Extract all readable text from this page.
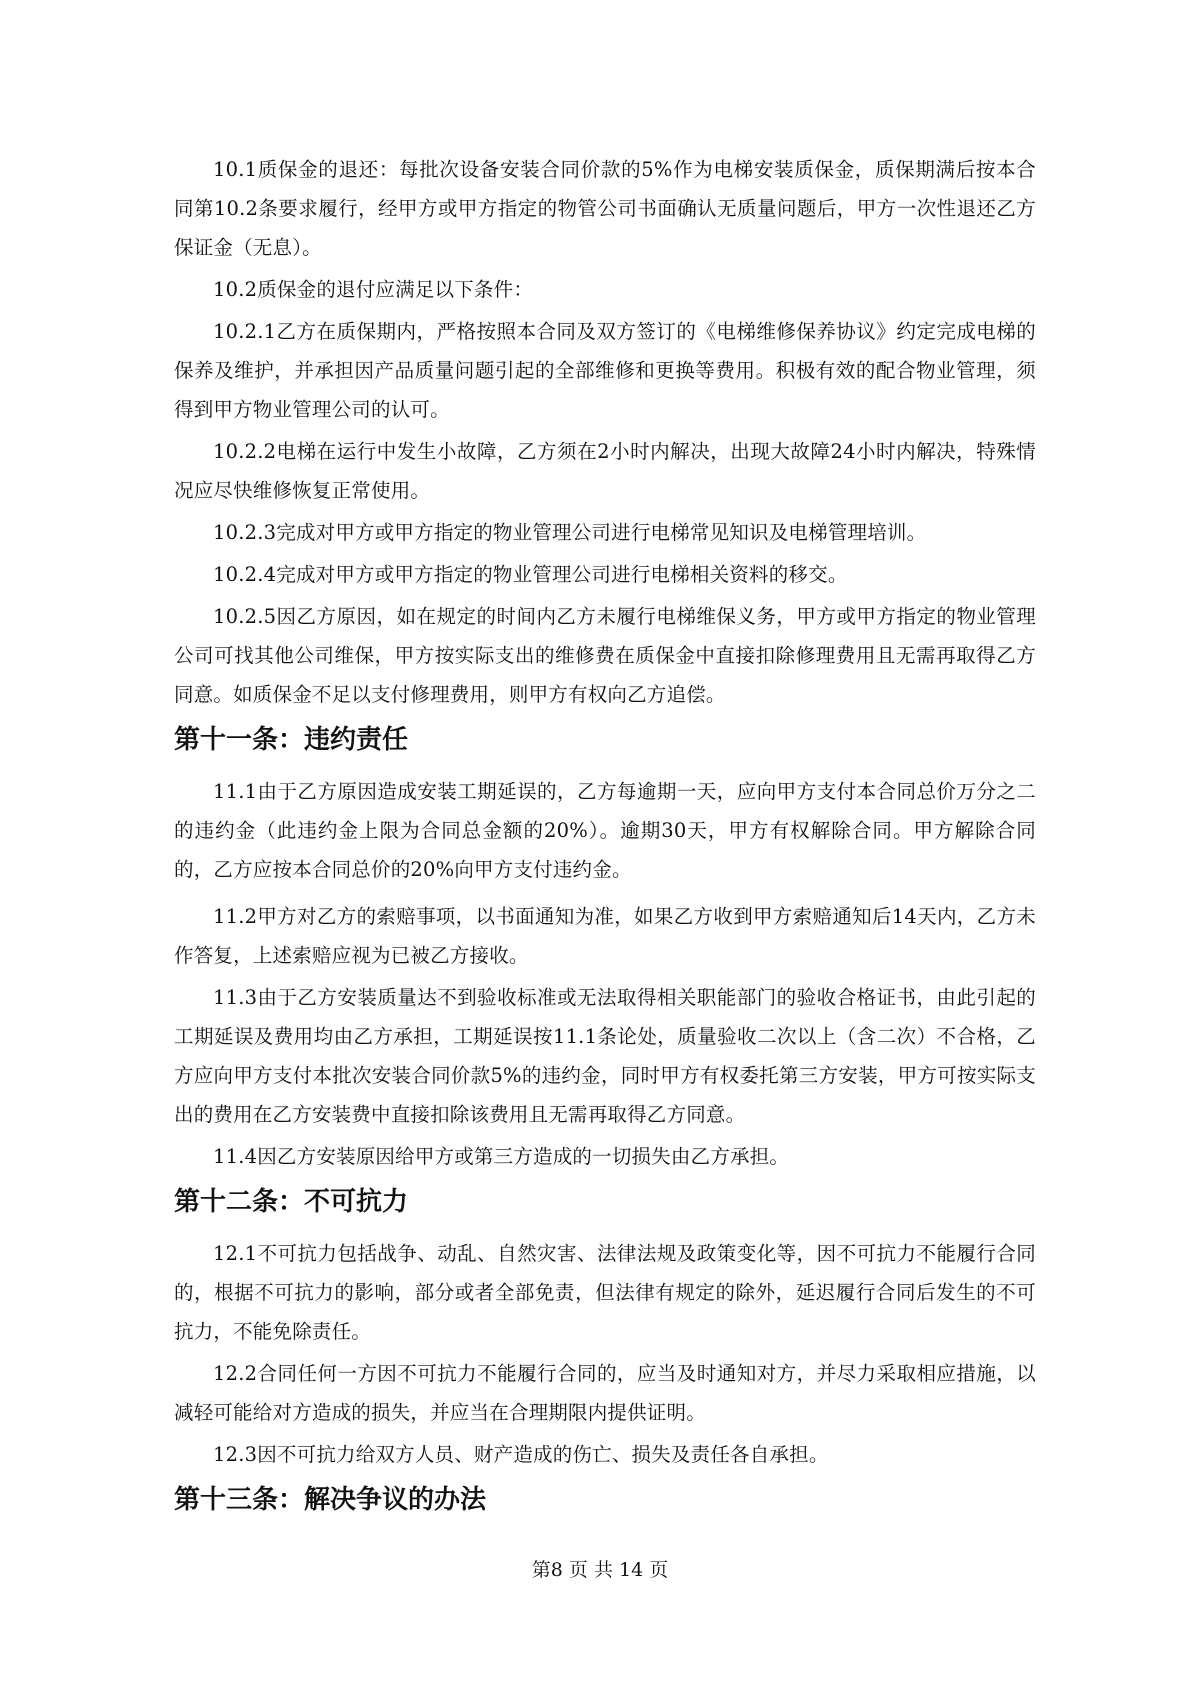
10.1质保金的退还：每批次设备安装合同价款的5%作为电梯安装质保金，质保期满后按本合同第10.2条要求履行，经甲方或甲方指定的物管公司书面确认无质量问题后，甲方一次性退还乙方保证金（无息）。

10.2质保金的退付应满足以下条件：

10.2.1乙方在质保期内，严格按照本合同及双方签订的《电梯维修保养协议》约定完成电梯的保养及维护，并承担因产品质量问题引起的全部维修和更换等费用。积极有效的配合物业管理，须得到甲方物业管理公司的认可。

10.2.2电梯在运行中发生小故障，乙方须在2小时内解决，出现大故障24小时内解决，特殊情况应尽快维修恢复正常使用。

10.2.3完成对甲方或甲方指定的物业管理公司进行电梯常见知识及电梯管理培训。

10.2.4完成对甲方或甲方指定的物业管理公司进行电梯相关资料的移交。

10.2.5因乙方原因，如在规定的时间内乙方未履行电梯维保义务，甲方或甲方指定的物业管理公司可找其他公司维保，甲方按实际支出的维修费在质保金中直接扣除修理费用且无需再取得乙方同意。如质保金不足以支付修理费用，则甲方有权向乙方追偿。

第十一条：违约责任

11.1由于乙方原因造成安装工期延误的，乙方每逾期一天，应向甲方支付本合同总价万分之二的违约金（此违约金上限为合同总金额的20%）。逾期30天，甲方有权解除合同。甲方解除合同的，乙方应按本合同总价的20%向甲方支付违约金。

11.2甲方对乙方的索赔事项，以书面通知为准，如果乙方收到甲方索赔通知后14天内，乙方未作答复，上述索赔应视为已被乙方接收。

11.3由于乙方安装质量达不到验收标准或无法取得相关职能部门的验收合格证书，由此引起的工期延误及费用均由乙方承担，工期延误按11.1条论处，质量验收二次以上（含二次）不合格，乙方应向甲方支付本批次安装合同价款5%的违约金，同时甲方有权委托第三方安装，甲方可按实际支出的费用在乙方安装费中直接扣除该费用且无需再取得乙方同意。

11.4因乙方安装原因给甲方或第三方造成的一切损失由乙方承担。

第十二条：不可抗力

12.1不可抗力包括战争、动乱、自然灾害、法律法规及政策变化等，因不可抗力不能履行合同的，根据不可抗力的影响，部分或者全部免责，但法律有规定的除外，延迟履行合同后发生的不可抗力，不能免除责任。

12.2合同任何一方因不可抗力不能履行合同的，应当及时通知对方，并尽力采取相应措施，以减轻可能给对方造成的损失，并应当在合理期限内提供证明。

12.3因不可抗力给双方人员、财产造成的伤亡、损失及责任各自承担。

第十三条：解决争议的办法
第8 页 共 14 页
